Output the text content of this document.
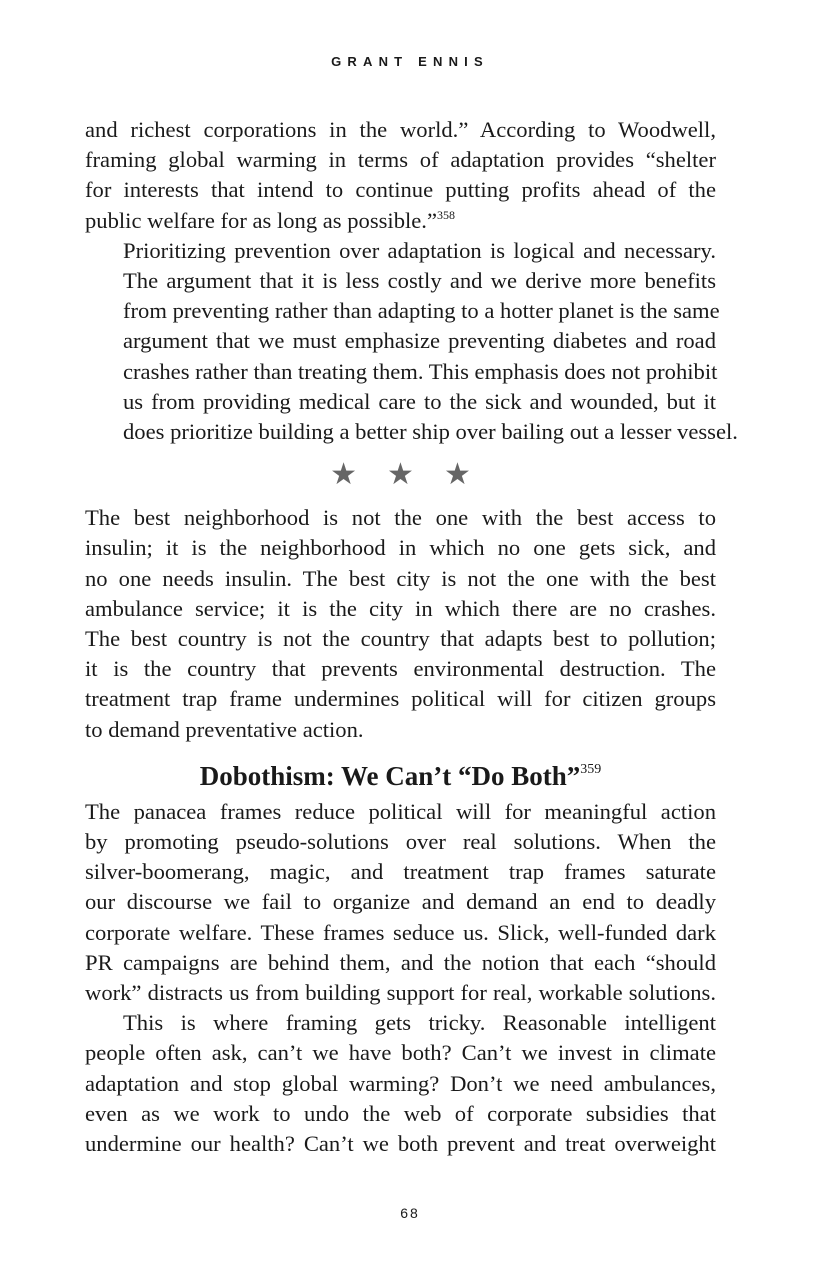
GRANT ENNIS

and richest corporations in the world.” According to Woodwell,
framing global warming in terms of adaptation provides “shelter
for interests that intend to continue putting profits ahead of the
public welfare for as long as possible.”$^{358}$

Prioritizing prevention over adaptation is logical and necessary.
The argument that it is less costly and we derive more benefits
from preventing rather than adapting to a hotter planet is the same
argument that we must emphasize preventing diabetes and road
crashes rather than treating them. This emphasis does not prohibit
us from providing medical care to the sick and wounded, but it
does prioritize building a better ship over bailing out a lesser vessel.

★★★

The best neighborhood is not the one with the best access to
insulin; it is the neighborhood in which no one gets sick, and
no one needs insulin. The best city is not the one with the best
ambulance service; it is the city in which there are no crashes.
The best country is not the country that adapts best to pollution;
it is the country that prevents environmental destruction. The
treatment trap frame undermines political will for citizen groups
to demand preventative action.

Dobothism: We Can’t “Do Both”$^{359}$

The panacea frames reduce political will for meaningful action
by promoting pseudo-solutions over real solutions. When the
silver-boomerang, magic, and treatment trap frames saturate
our discourse we fail to organize and demand an end to deadly
corporate welfare. These frames seduce us. Slick, well-funded dark
PR campaigns are behind them, and the notion that each “should
work” distracts us from building support for real, workable solutions.

This is where framing gets tricky. Reasonable intelligent
people often ask, can’t we have both? Can’t we invest in climate
adaptation and stop global warming? Don’t we need ambulances,
even as we work to undo the web of corporate subsidies that
undermine our health? Can’t we both prevent and treat overweight

68
